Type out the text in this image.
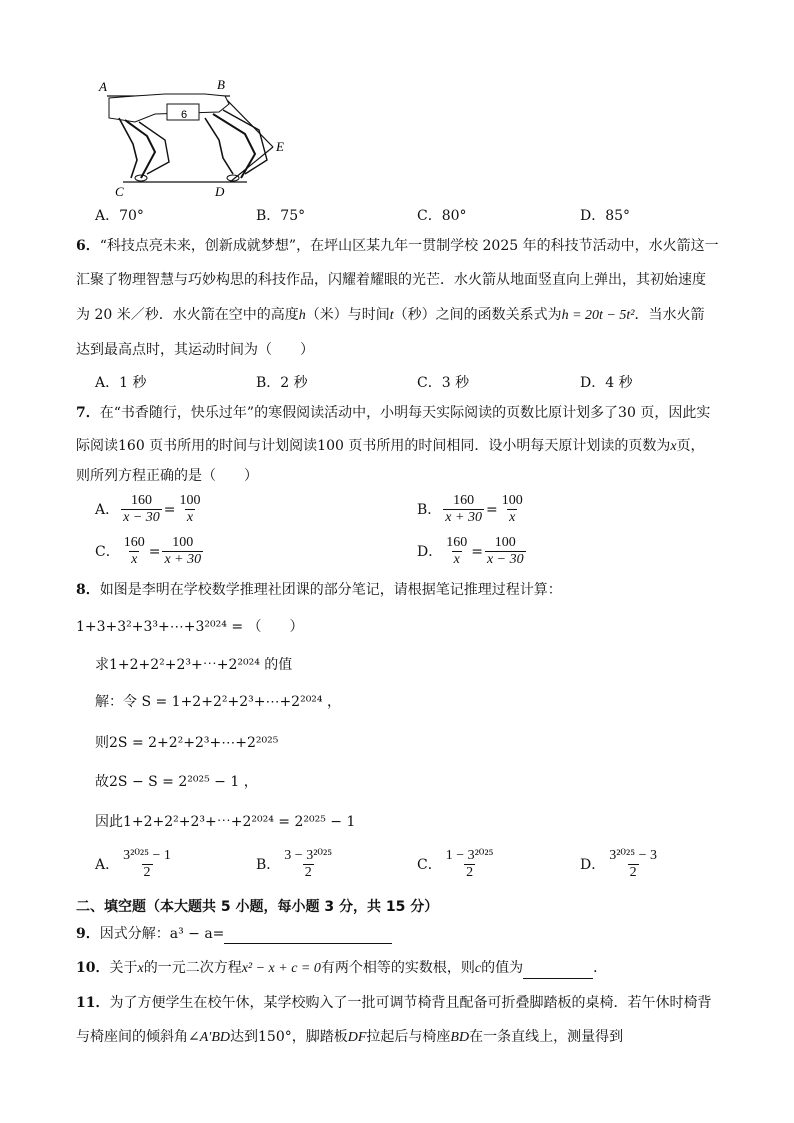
A	B
E
C	D
6
A．70°	B．75°	C．80°	D．85°
6．“科技点亮未来，创新成就梦想”，在坪山区某九年一贯制学校 2025 年的科技节活动中，水火箭这一
汇聚了物理智慧与巧妙构思的科技作品，闪耀着耀眼的光芒．水火箭从地面竖直向上弹出，其初始速度
为 20 米／秒．水火箭在空中的高度h（米）与时间t（秒）之间的函数关系式为h = 20t − 5t²．当水火箭
达到最高点时，其运动时间为（　　）
A．1 秒	B．2 秒	C．3 秒	D．4 秒
7．在“书香随行，快乐过年”的寒假阅读活动中，小明每天实际阅读的页数比原计划多了30 页，因此实
际阅读160 页书所用的时间与计划阅读100 页书所用的时间相同．设小明每天原计划读的页数为x页，
则所列方程正确的是（　　）
A． $\frac{160}{x - 30} = \frac{100}{x}$	B． $\frac{160}{x + 30} = \frac{100}{x}$
C． $\frac{160}{x} = \frac{100}{x + 30}$	D． $\frac{160}{x} = \frac{100}{x - 30}$
8．如图是李明在学校数学推理社团课的部分笔记，请根据笔记推理过程计算：
1+3+3²+3³+⋯+3²⁰²⁴ = （　　）
求1+2+2²+2³+⋯+2²⁰²⁴ 的值
解：令 S = 1+2+2²+2³+⋯+2²⁰²⁴ ，
则2S = 2+2²+2³+⋯+2²⁰²⁵
故2S − S = 2²⁰²⁵ − 1 ，
因此1+2+2²+2³+⋯+2²⁰²⁴ = 2²⁰²⁵ − 1
A． $\frac{\text{3²⁰²⁵ − 1}}{2}$	B． $\frac{\text{3 − 3²⁰²⁵}}{2}$	C． $\frac{\text{1 − 3²⁰²⁵}}{2}$	D． $\frac{\text{3²⁰²⁵ − 3}}{2}$
二、填空题（本大题共 5 小题，每小题 3 分，共 15 分）
9．因式分解：a³ − a=
10．关于x的一元二次方程x² − x + c = 0有两个相等的实数根，则c的值为	．
11．为了方便学生在校午休，某学校购入了一批可调节椅背且配备可折叠脚踏板的桌椅．若午休时椅背
与椅座间的倾斜角∠A′BD达到150°，脚踏板DF拉起后与椅座BD在一条直线上，测量得到
